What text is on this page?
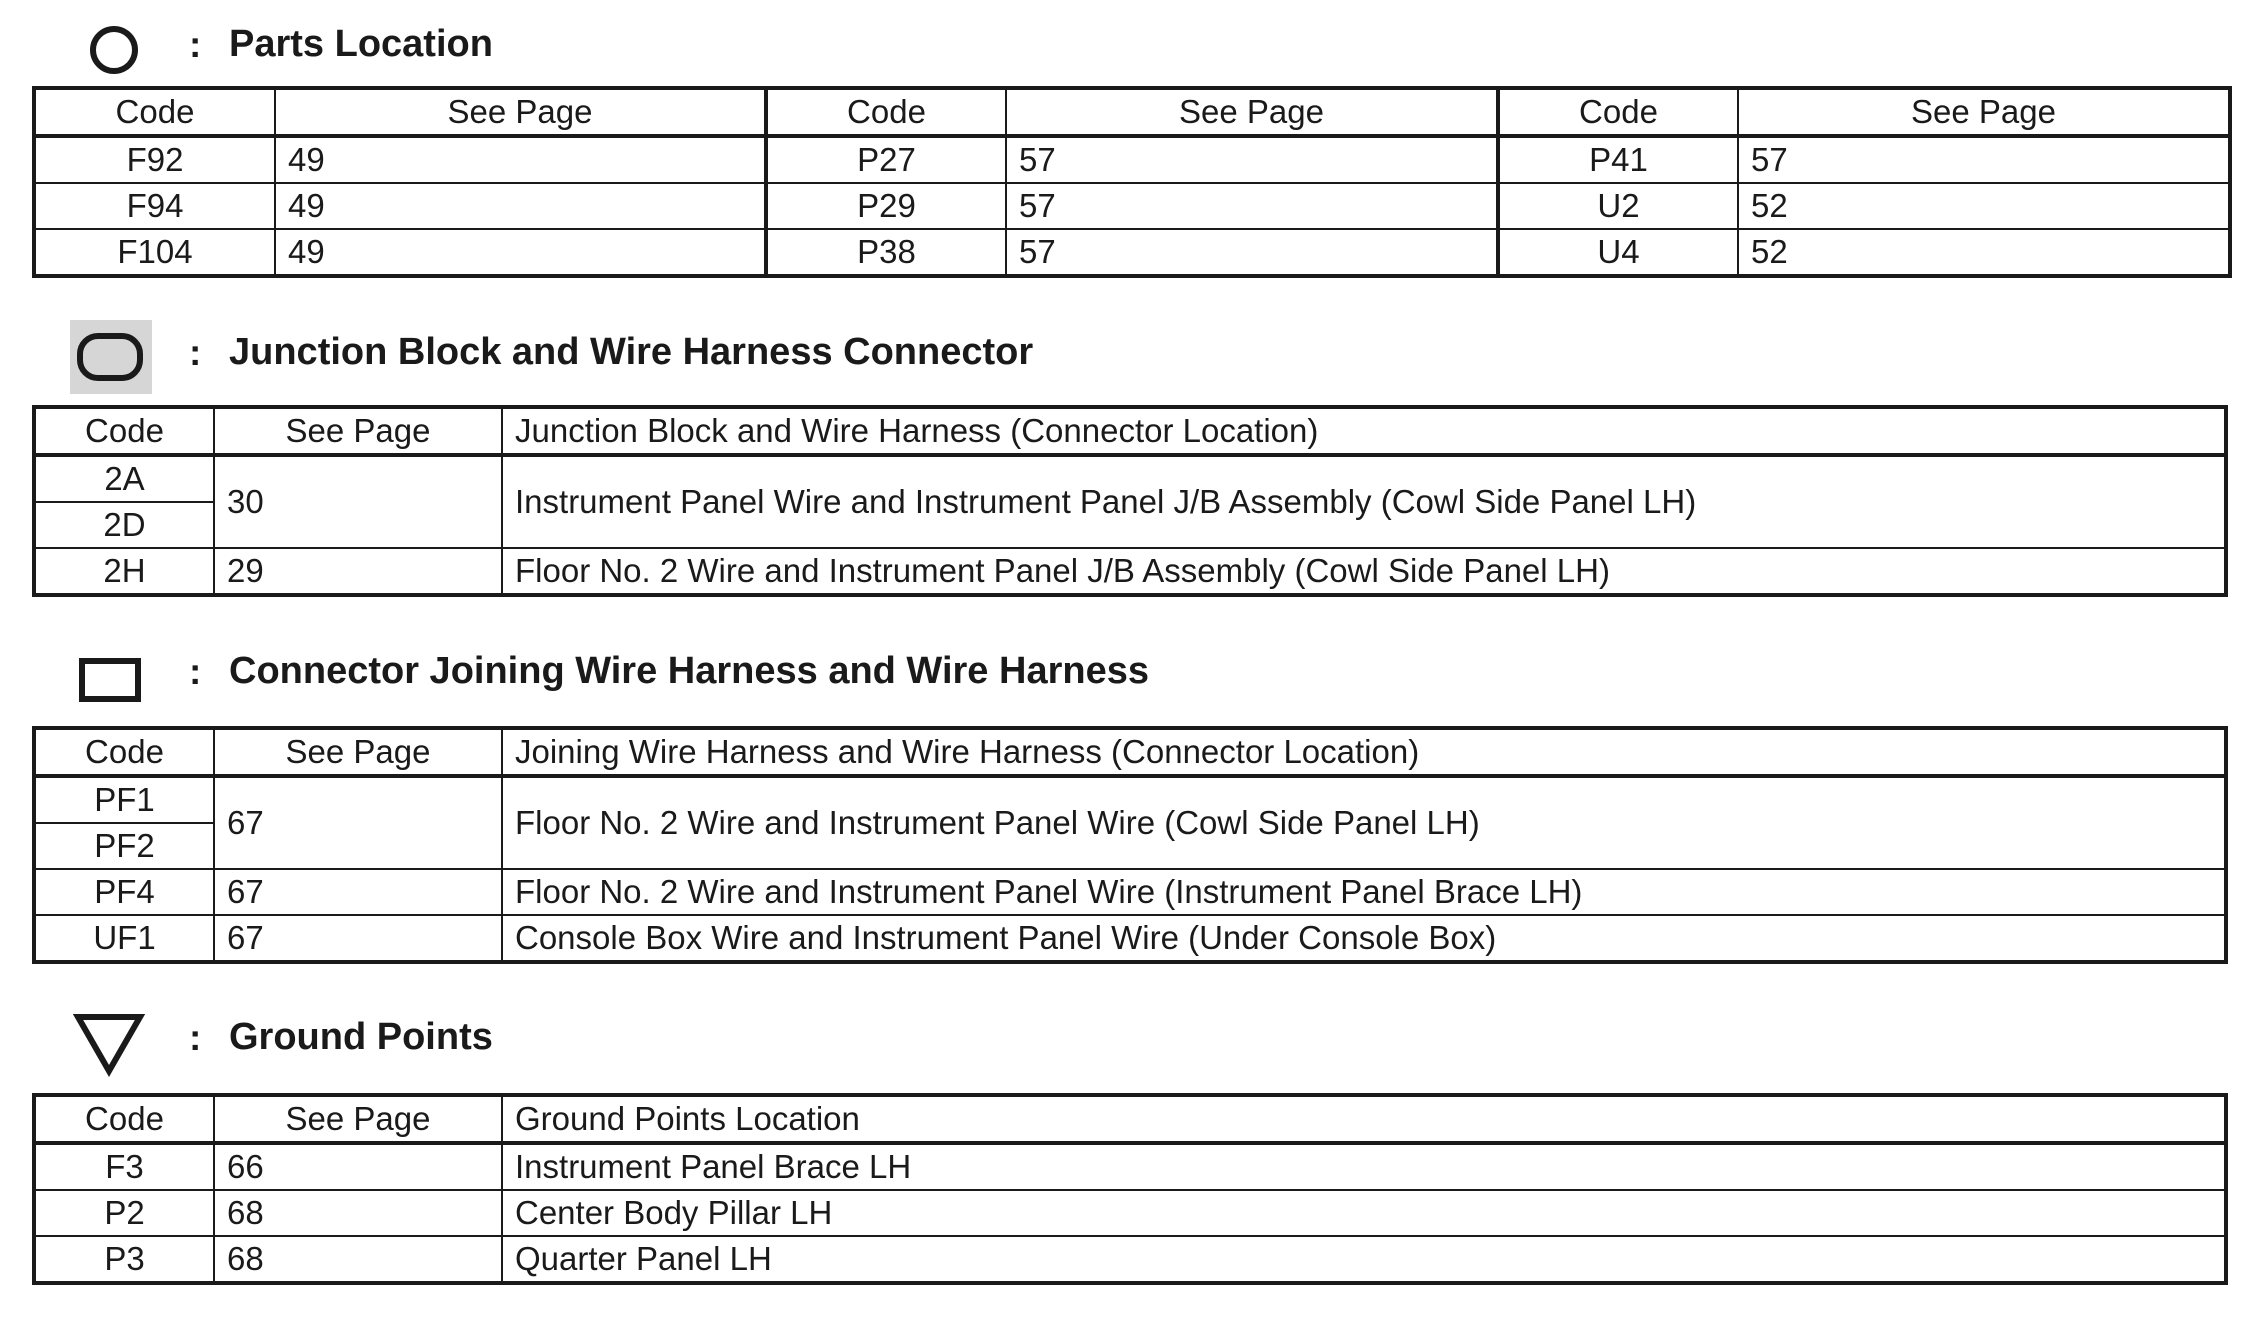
: Parts Location
Code	See Page	Code	See Page	Code	See Page
F92	49	P27	57	P41	57
F94	49	P29	57	U2	52
F104	49	P38	57	U4	52
: Junction Block and Wire Harness Connector
Code	See Page	Junction Block and Wire Harness (Connector Location)
2A	30	Instrument Panel Wire and Instrument Panel J/B Assembly (Cowl Side Panel LH)
2D		
2H	29	Floor No. 2 Wire and Instrument Panel J/B Assembly (Cowl Side Panel LH)
: Connector Joining Wire Harness and Wire Harness
Code	See Page	Joining Wire Harness and Wire Harness (Connector Location)
PF1	67	Floor No. 2 Wire and Instrument Panel Wire (Cowl Side Panel LH)
PF2		
PF4	67	Floor No. 2 Wire and Instrument Panel Wire (Instrument Panel Brace LH)
UF1	67	Console Box Wire and Instrument Panel Wire (Under Console Box)
: Ground Points
Code	See Page	Ground Points Location
F3	66	Instrument Panel Brace LH
P2	68	Center Body Pillar LH
P3	68	Quarter Panel LH
